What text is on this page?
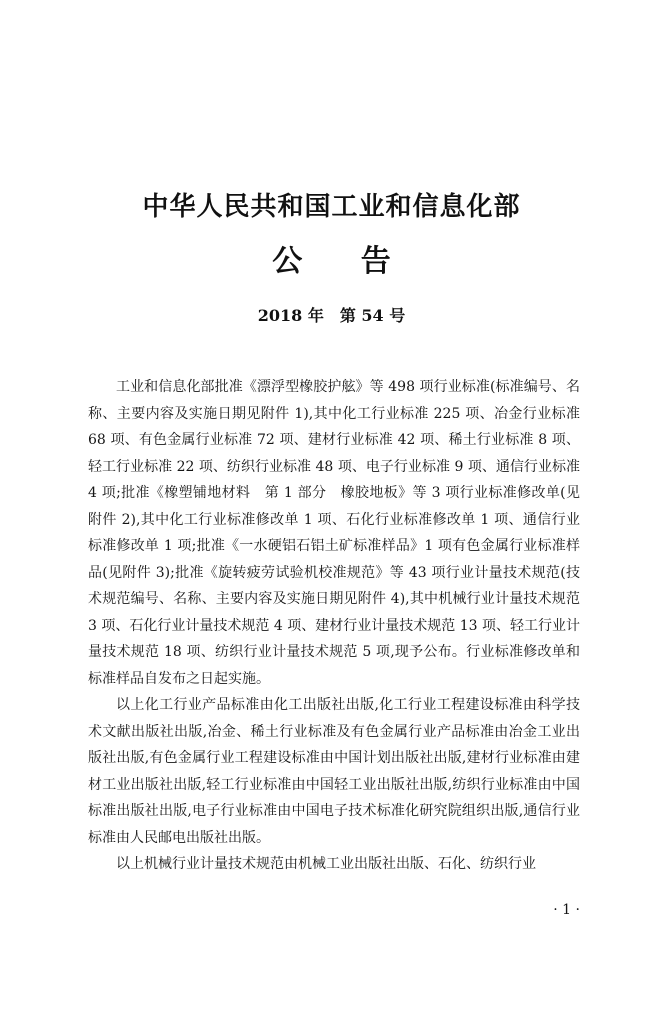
中华人民共和国工业和信息化部
公 告
2018 年　第 54 号

工业和信息化部批准《漂浮型橡胶护舷》等 498 项行业标准(标准编号、名称、主要内容及实施日期见附件 1),其中化工行业标准 225 项、冶金行业标准 68 项、有色金属行业标准 72 项、建材行业标准 42 项、稀土行业标准 8 项、轻工行业标准 22 项、纺织行业标准 48 项、电子行业标准 9 项、通信行业标准 4 项;批准《橡塑铺地材料　第 1 部分　橡胶地板》等 3 项行业标准修改单(见附件 2),其中化工行业标准修改单 1 项、石化行业标准修改单 1 项、通信行业标准修改单 1 项;批准《一水硬铝石铝土矿标准样品》1 项有色金属行业标准样品(见附件 3);批准《旋转疲劳试验机校准规范》等 43 项行业计量技术规范(技术规范编号、名称、主要内容及实施日期见附件 4),其中机械行业计量技术规范 3 项、石化行业计量技术规范 4 项、建材行业计量技术规范 13 项、轻工行业计量技术规范 18 项、纺织行业计量技术规范 5 项,现予公布。行业标准修改单和标准样品自发布之日起实施。

以上化工行业产品标准由化工出版社出版,化工行业工程建设标准由科学技术文献出版社出版,冶金、稀土行业标准及有色金属行业产品标准由冶金工业出版社出版,有色金属行业工程建设标准由中国计划出版社出版,建材行业标准由建材工业出版社出版,轻工行业标准由中国轻工业出版社出版,纺织行业标准由中国标准出版社出版,电子行业标准由中国电子技术标准化研究院组织出版,通信行业标准由人民邮电出版社出版。

以上机械行业计量技术规范由机械工业出版社出版、石化、纺织行业

· 1 ·
